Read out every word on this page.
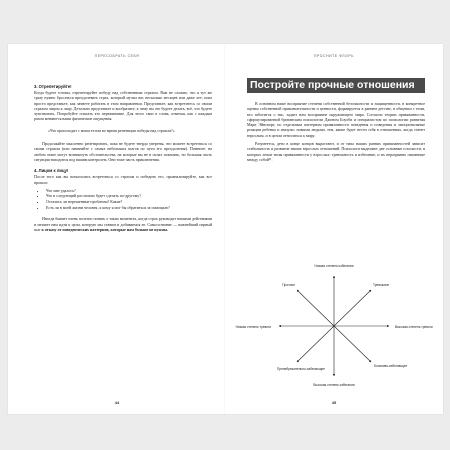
ПЕРЕСОБРАТЬ СЕБЯ
3. Отрепетируйте!

Когда будете готовы, отрепетируйте победу над собственным страхом. Вам не сложно, что я тут же сразу нужно бросаться преодолевать страх, который мучил вас несколько месяцев или даже лет; пока просто представьте, как зачнете работать в этом направлении. Представьте, как встретитесь со своим страхом лицом к лицу. Детально представьте и вообразите, к чему вы это будете делать, всё, что будете чувствовать. Попробуйте описать это переживание. Для этого свои в слова, отмечая, как с каждым разом меняются ваши физические ощущения.

«Что происходит с моим телом во время репетиции победы над страхом?»

Продолжайте мысленно репетировать, пока не будете твердо уверены, что можете встретиться со своим страхом (или начинайте с самых небольших шагов по пути его преодоления). Помните: на любом этапе могут возникнуть обстоятельства, на которые вы не в силах повлиять, но большая часть ситуации находится под вашим контролем. Они тоже часть приключения.

4. Лицом к лицу!

После того как вы попытались встретиться со страхом и победить его, проанализируйте, как все прошло:

• Что мне удалось?
• Что в следующий раз можно будет сделать по-другому?
• Остались ли нерешенные проблемы? Какие?
• Есть ли в моей жизни человек, к кому я мог бы обратиться за помощью?

Иногда бывает очень полезно понять о таких моментах, когда страх руководит нашими действиями и мешает нам идти к цели, которую мы ставим и добиваемся ее. Самосознание — важнейший первый шаг к отказу от поведенческих паттернов, которые нам больше не нужны.

44
ПРОСНИТЕ ФЛОРЬ
Постройте прочные отношения

В основном наше восприятие степени собственной безопасности и защищенности, в конкретное оценка собственной привлекательности и ценности, формируется в раннем детстве, в общении с теми, кто заботится о нас, задает нам восприятие окружающего мира. Согласно теории привязанности, сформулированной британским психологом Джоном Боулби и специалистом по психологии развития Мэри Эйнсворт, по отдельным паттернам привязанности поведения и поведения и эмоциональные реакции ребенка и импульс новыми людьми, тем, какие будет вести себя в отношениях, когда станет взрослым, и в целом относиться к миру.

Разумеется, дети в конце концов вырастают, и от типа наших ранних привязанностей зависит стабильность и развитие наших взрослых отношений. Психологи выделяют две основные плоскости, в которых лежат типы привязанности у взрослых: тревожность и избегание, и их неразрывно связанные между собой¹¹.

Низкая степень избегания
Высокая степень избегания
Низкая степень тревоги	Высокая степень тревоги
Прочное	Тревожное
Пренебрежительно-избегающее
Боязливо-избегающее
45
